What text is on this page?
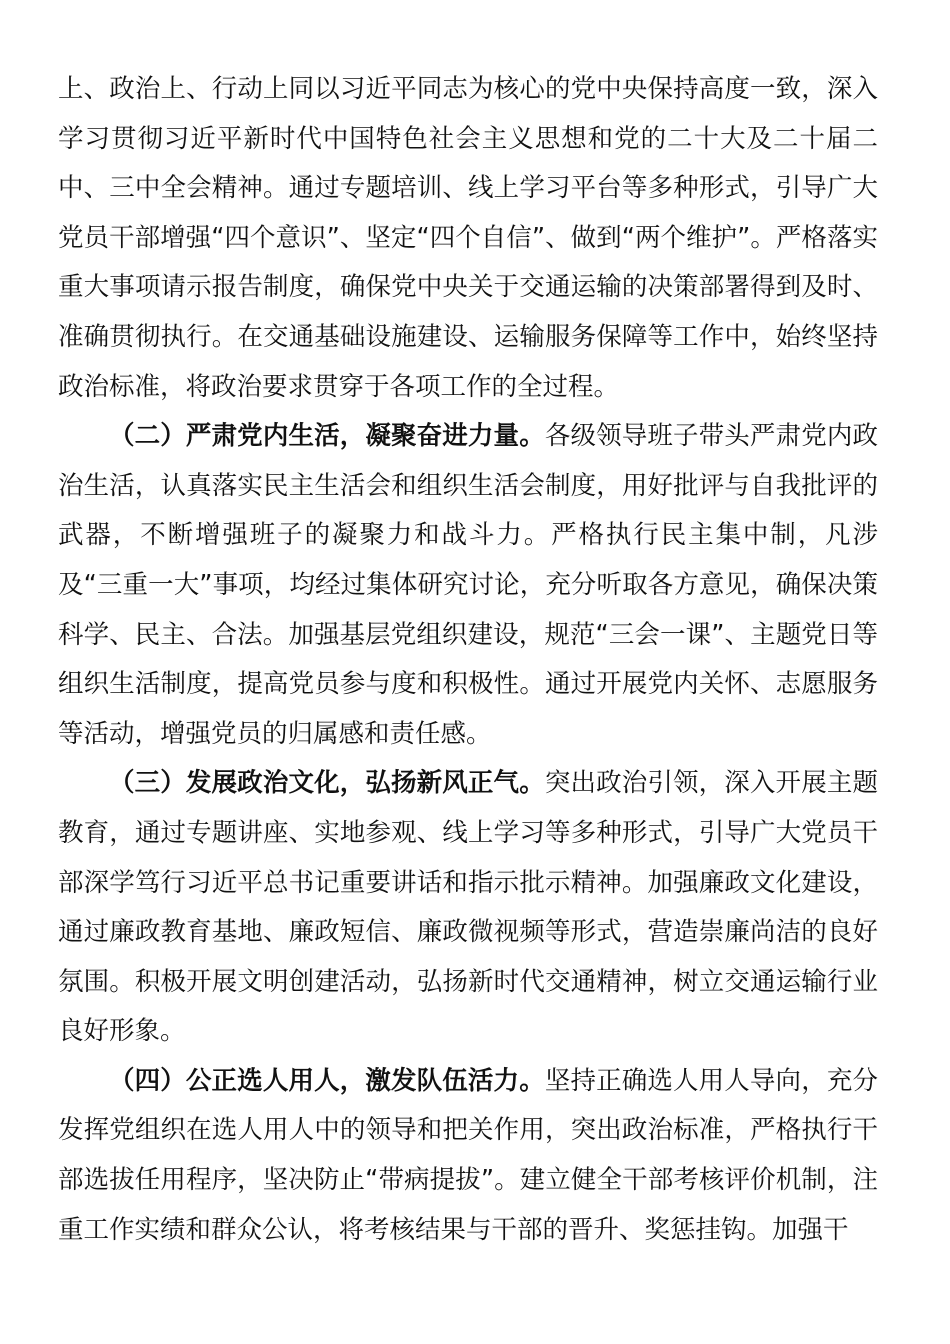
上、政治上、行动上同以习近平同志为核心的党中央保持高度一致，深入学习贯彻习近平新时代中国特色社会主义思想和党的二十大及二十届二中、三中全会精神。通过专题培训、线上学习平台等多种形式，引导广大党员干部增强“四个意识”、坚定“四个自信”、做到“两个维护”。严格落实重大事项请示报告制度，确保党中央关于交通运输的决策部署得到及时、准确贯彻执行。在交通基础设施建设、运输服务保障等工作中，始终坚持政治标准，将政治要求贯穿于各项工作的全过程。

（二）严肃党内生活，凝聚奋进力量。各级领导班子带头严肃党内政治生活，认真落实民主生活会和组织生活会制度，用好批评与自我批评的武器，不断增强班子的凝聚力和战斗力。严格执行民主集中制，凡涉及“三重一大”事项，均经过集体研究讨论，充分听取各方意见，确保决策科学、民主、合法。加强基层党组织建设，规范“三会一课”、主题党日等组织生活制度，提高党员参与度和积极性。通过开展党内关怀、志愿服务等活动，增强党员的归属感和责任感。

（三）发展政治文化，弘扬新风正气。突出政治引领，深入开展主题教育，通过专题讲座、实地参观、线上学习等多种形式，引导广大党员干部深学笃行习近平总书记重要讲话和指示批示精神。加强廉政文化建设，通过廉政教育基地、廉政短信、廉政微视频等形式，营造崇廉尚洁的良好氛围。积极开展文明创建活动，弘扬新时代交通精神，树立交通运输行业良好形象。

（四）公正选人用人，激发队伍活力。坚持正确选人用人导向，充分发挥党组织在选人用人中的领导和把关作用，突出政治标准，严格执行干部选拔任用程序，坚决防止“带病提拔”。建立健全干部考核评价机制，注重工作实绩和群众公认，将考核结果与干部的晋升、奖惩挂钩。加强干
